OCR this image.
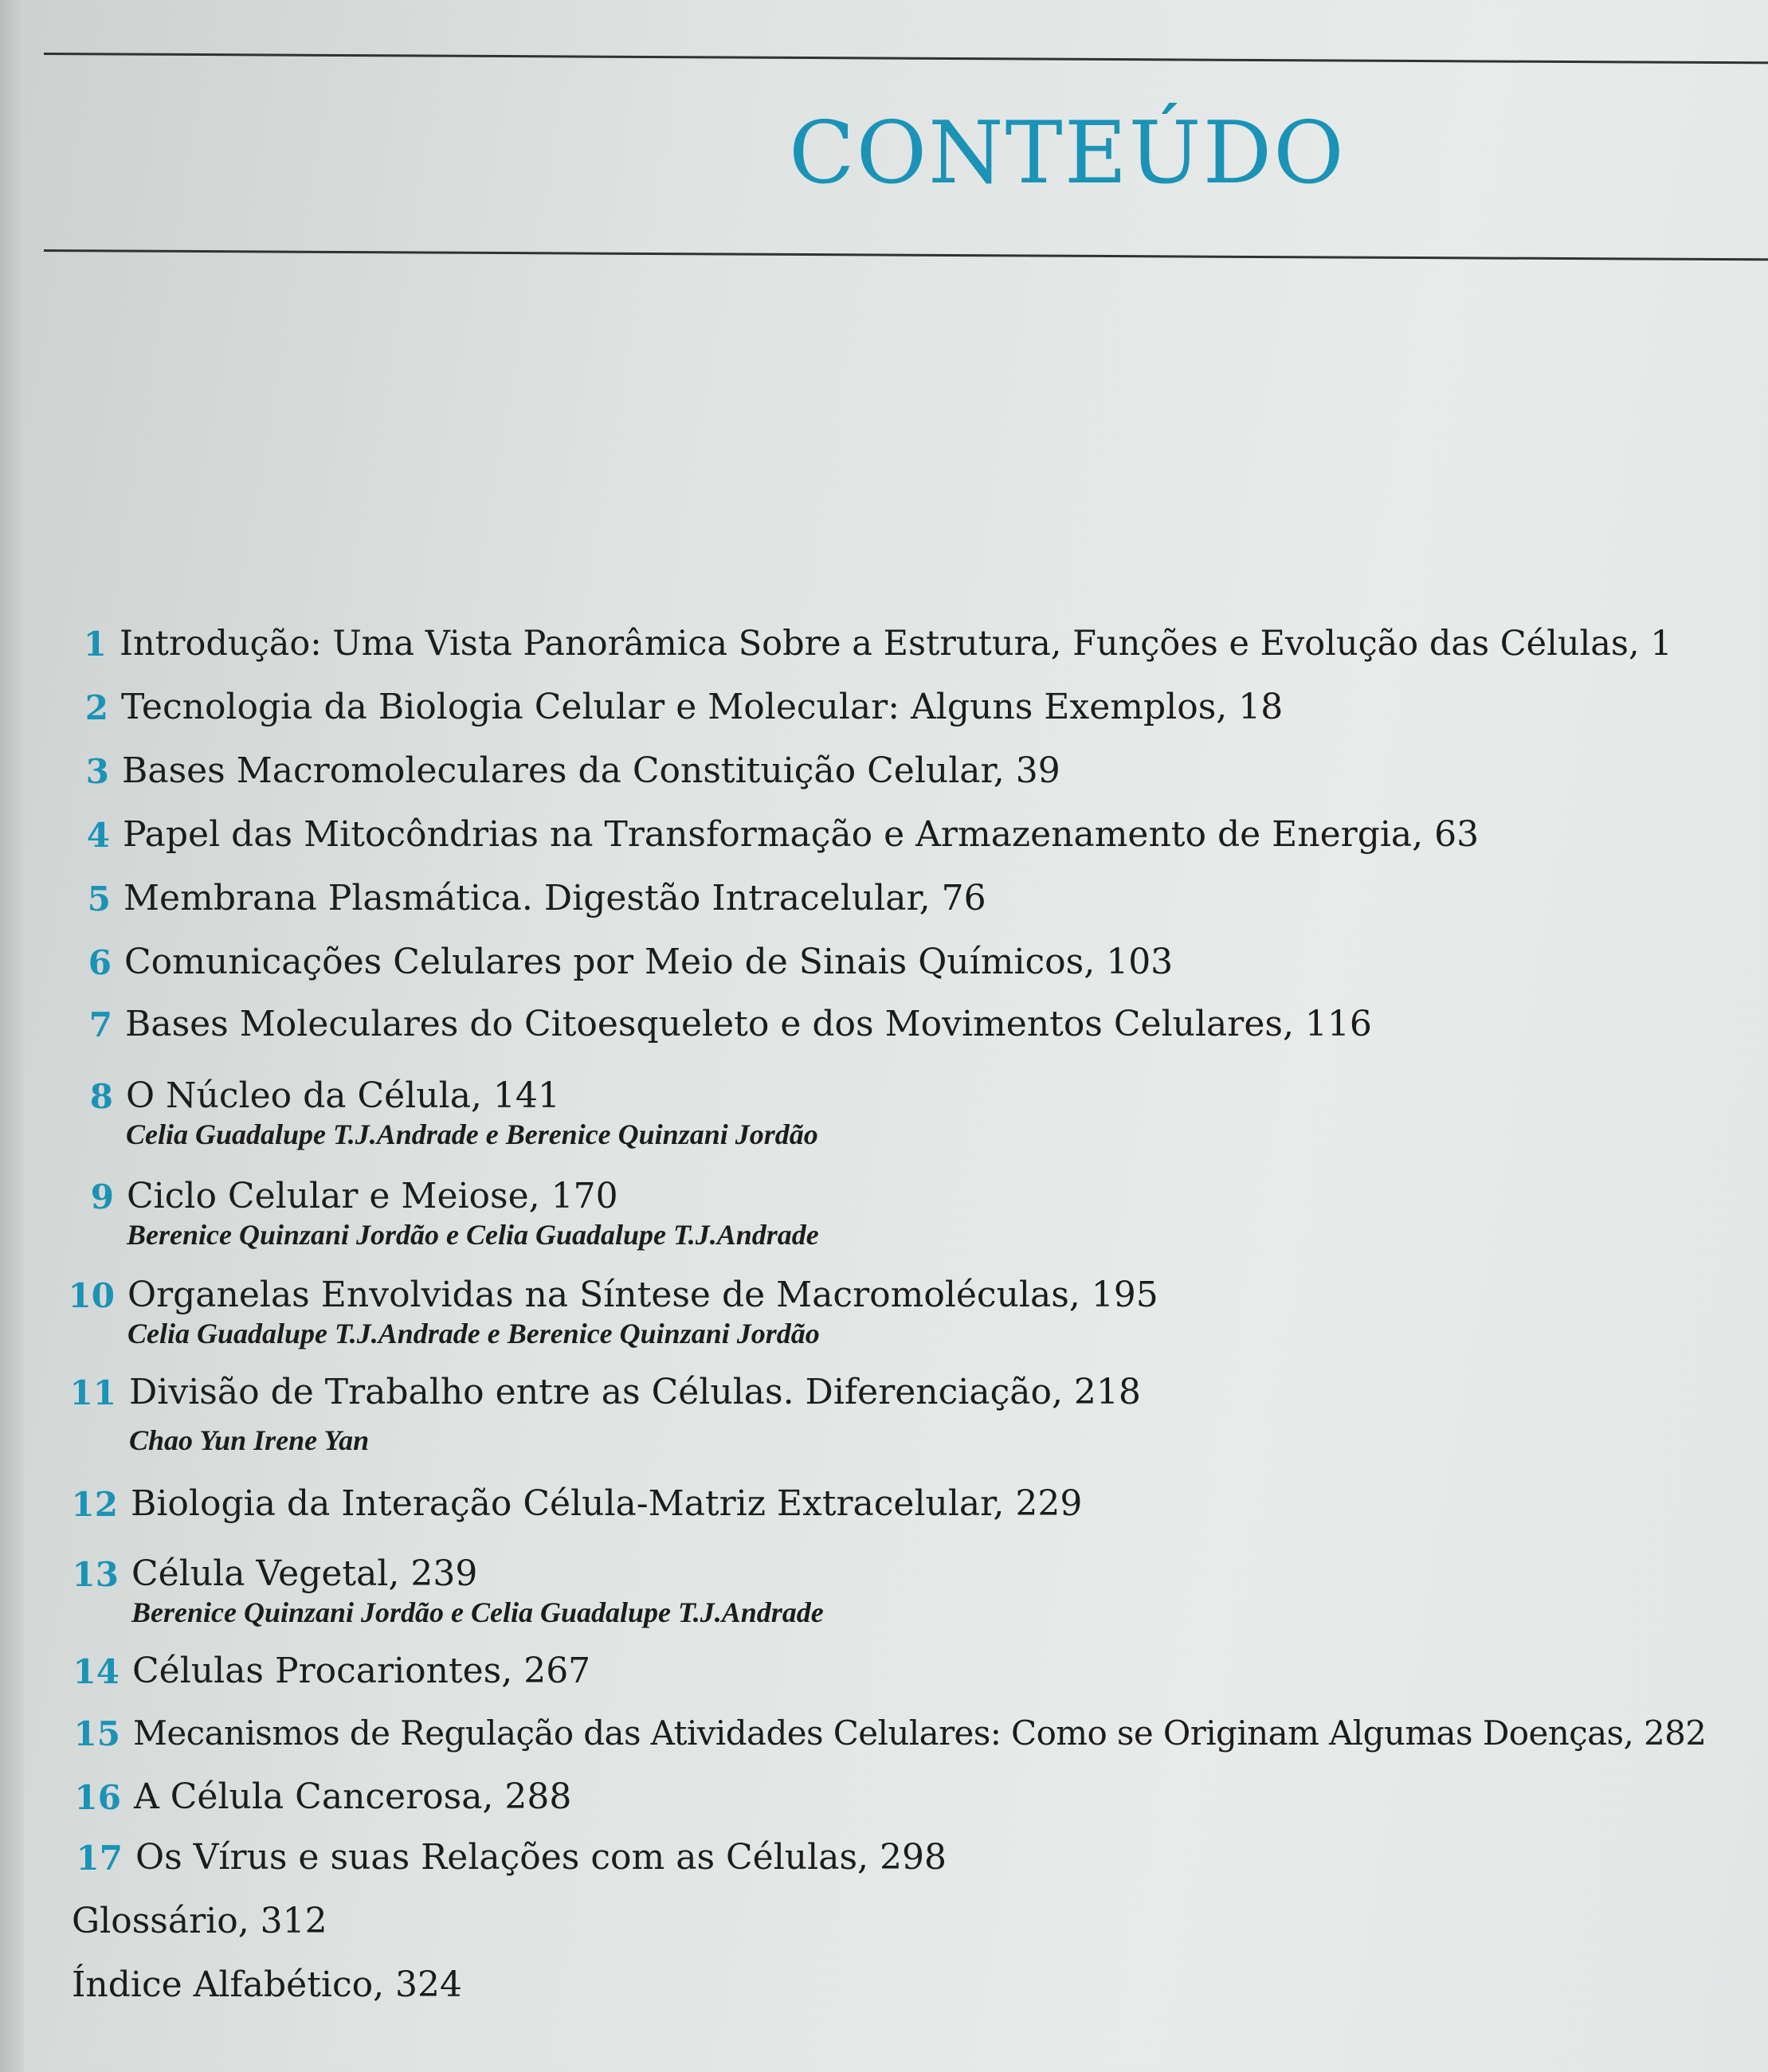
CONTEÚDO
1 Introdução: Uma Vista Panorâmica Sobre a Estrutura, Funções e Evolução das Células, 1
2 Tecnologia da Biologia Celular e Molecular: Alguns Exemplos, 18
3 Bases Macromoleculares da Constituição Celular, 39
4 Papel das Mitocôndrias na Transformação e Armazenamento de Energia, 63
5 Membrana Plasmática. Digestão Intracelular, 76
6 Comunicações Celulares por Meio de Sinais Químicos, 103
7 Bases Moleculares do Citoesqueleto e dos Movimentos Celulares, 116
8 O Núcleo da Célula, 141
Celia Guadalupe T.J.Andrade e Berenice Quinzani Jordão
9 Ciclo Celular e Meiose, 170
Berenice Quinzani Jordão e Celia Guadalupe T.J.Andrade
10 Organelas Envolvidas na Síntese de Macromoléculas, 195
Celia Guadalupe T.J.Andrade e Berenice Quinzani Jordão
11 Divisão de Trabalho entre as Células. Diferenciação, 218
Chao Yun Irene Yan
12 Biologia da Interação Célula-Matriz Extracelular, 229
13 Célula Vegetal, 239
Berenice Quinzani Jordão e Celia Guadalupe T.J.Andrade
14 Células Procariontes, 267
15 Mecanismos de Regulação das Atividades Celulares: Como se Originam Algumas Doenças, 282
16 A Célula Cancerosa, 288
17 Os Vírus e suas Relações com as Células, 298
Glossário, 312
Índice Alfabético, 324
